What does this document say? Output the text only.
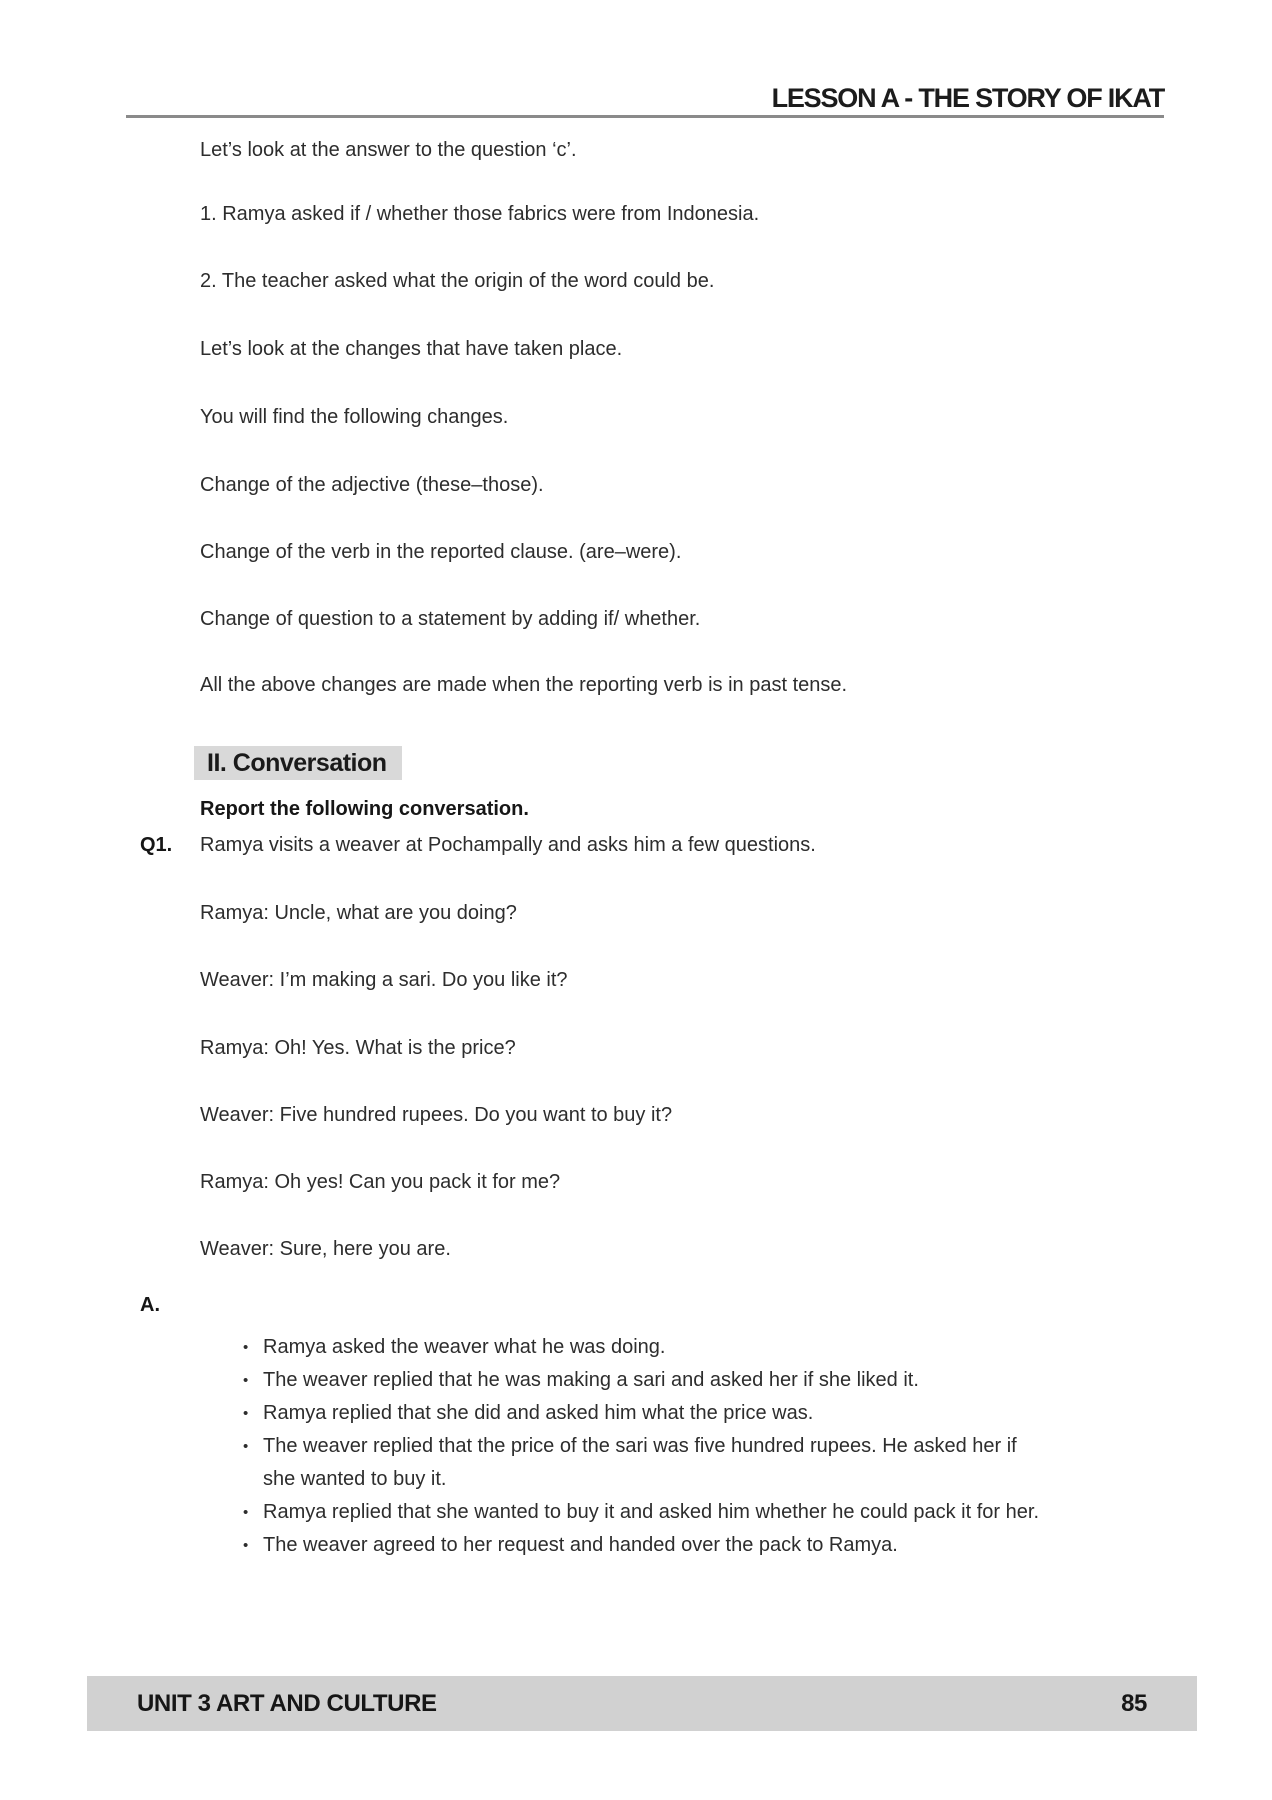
LESSON A - THE STORY OF IKAT
Let’s look at the answer to the question ‘c’.
1. Ramya asked if / whether those fabrics were from Indonesia.
2. The teacher asked what the origin of the word could be.
Let’s look at the changes that have taken place.
You will find the following changes.
Change of the adjective (these–those).
Change of the verb in the reported clause. (are–were).
Change of question to a statement by adding if/ whether.
All the above changes are made when the reporting verb is in past tense.
II. Conversation
Report the following conversation.
Q1. Ramya visits a weaver at Pochampally and asks him a few questions.
Ramya: Uncle, what are you doing?
Weaver: I’m making a sari. Do you like it?
Ramya: Oh! Yes. What is the price?
Weaver: Five hundred rupees. Do you want to buy it?
Ramya: Oh yes! Can you pack it for me?
Weaver: Sure, here you are.
A.
• Ramya asked the weaver what he was doing.
• The weaver replied that he was making a sari and asked her if she liked it.
• Ramya replied that she did and asked him what the price was.
• The weaver replied that the price of the sari was five hundred rupees. He asked her if
she wanted to buy it.
• Ramya replied that she wanted to buy it and asked him whether he could pack it for her.
• The weaver agreed to her request and handed over the pack to Ramya.
UNIT 3 ART AND CULTURE	85
